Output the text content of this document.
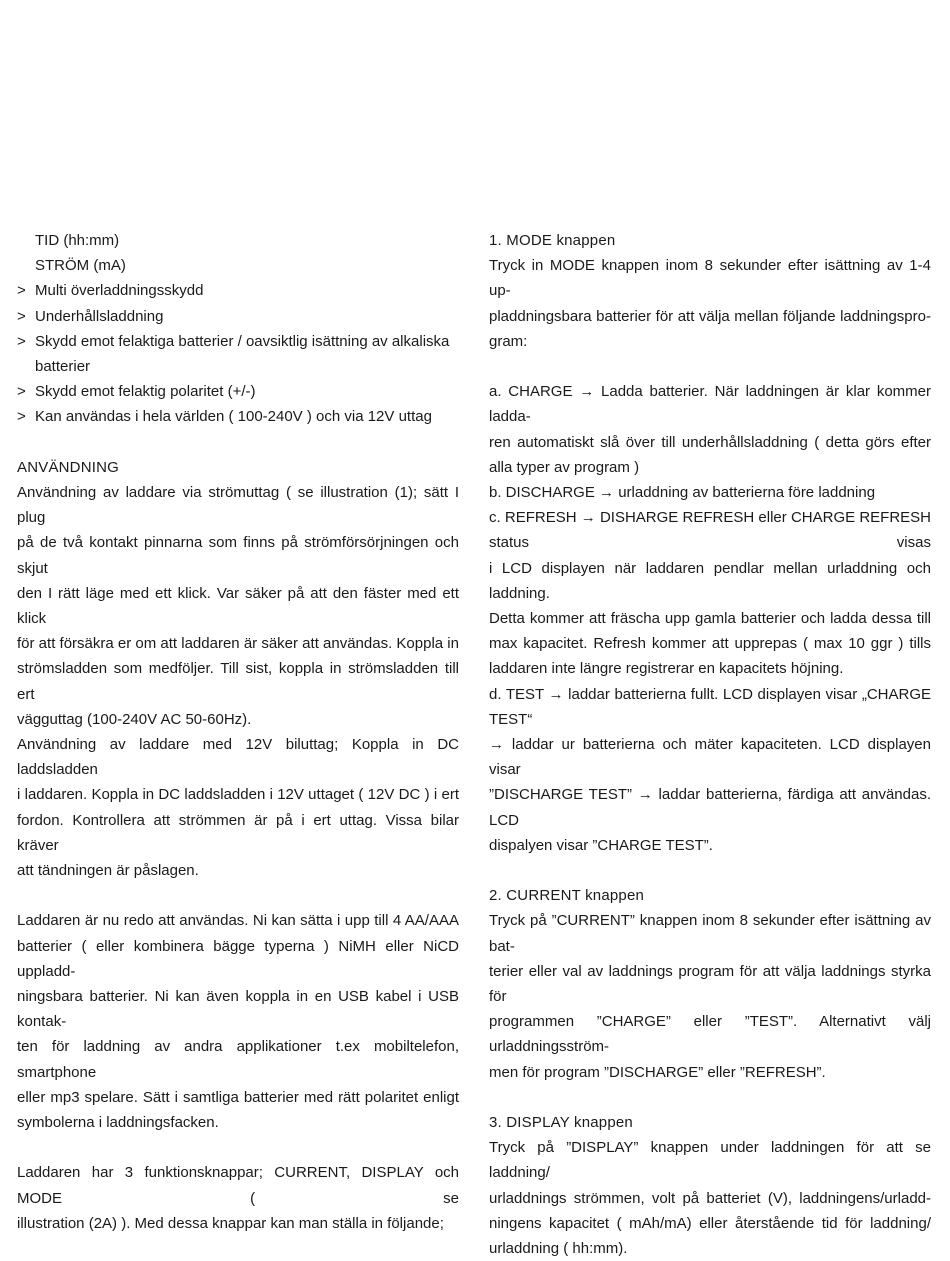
TID (hh:mm)
STRÖM (mA)
> Multi överladdningsskydd
> Underhållsladdning
> Skydd emot felaktiga batterier / oavsiktlig isättning av alkaliska
batterier
> Skydd emot felaktig polaritet (+/-)
> Kan användas i hela världen ( 100-240V ) och via 12V uttag
ANVÄNDNING
Användning av laddare via strömuttag ( se illustration (1); sätt I plug
på de två kontakt pinnarna som finns på strömförsörjningen och skjut
den I rätt läge med ett klick. Var säker på att den fäster med ett klick
för att försäkra er om att laddaren är säker att användas. Koppla in
strömsladden som medföljer. Till sist, koppla in strömsladden till ert
vägguttag (100-240V AC 50-60Hz).
Användning av laddare med 12V biluttag; Koppla in DC laddsladden
i laddaren. Koppla in DC laddsladden i 12V uttaget ( 12V DC ) i ert
fordon. Kontrollera att strömmen är på i ert uttag. Vissa bilar kräver
att tändningen är påslagen.
Laddaren är nu redo att användas. Ni kan sätta i upp till 4 AA/AAA
batterier ( eller kombinera bägge typerna ) NiMH eller NiCD uppladd-
ningsbara batterier. Ni kan även koppla in en USB kabel i USB kontak-
ten för laddning av andra applikationer t.ex mobiltelefon, smartphone
eller mp3 spelare. Sätt i samtliga batterier med rätt polaritet enligt
symbolerna i laddningsfacken.
Laddaren har 3 funktionsknappar; CURRENT, DISPLAY och MODE ( se
illustration (2A) ). Med dessa knappar kan man ställa in följande;
1. MODE knappen
Tryck in MODE knappen inom 8 sekunder efter isättning av 1-4 up-
pladdningsbara batterier för att välja mellan följande laddningspro-
gram:
a. CHARGE → Ladda batterier. När laddningen är klar kommer ladda-
ren automatiskt slå över till underhållsladdning ( detta görs efter
alla typer av program )
b. DISCHARGE → urladdning av batterierna före laddning
c. REFRESH → DISHARGE REFRESH eller CHARGE REFRESH status visas
i LCD displayen när laddaren pendlar mellan urladdning och laddning.
Detta kommer att fräscha upp gamla batterier och ladda dessa till
max kapacitet. Refresh kommer att upprepas ( max 10 ggr ) tills
laddaren inte längre registrerar en kapacitets höjning.
d. TEST → laddar batterierna fullt. LCD displayen visar „CHARGE TEST“
→ laddar ur batterierna och mäter kapaciteten. LCD displayen visar
”DISCHARGE TEST” → laddar batterierna, färdiga att användas. LCD
dispalyen visar ”CHARGE TEST”.
2. CURRENT knappen
Tryck på ”CURRENT” knappen inom 8 sekunder efter isättning av bat-
terier eller val av laddnings program för att välja laddnings styrka för
programmen ”CHARGE” eller ”TEST”. Alternativt välj urladdningsström-
men för program ”DISCHARGE” eller ”REFRESH”.
3. DISPLAY knappen
Tryck på ”DISPLAY” knappen under laddningen för att se laddning/
urladdnings strömmen, volt på batteriet (V), laddningens/urladd-
ningens kapacitet ( mAh/mA) eller återstående tid för laddning/
urladdning ( hh:mm).
